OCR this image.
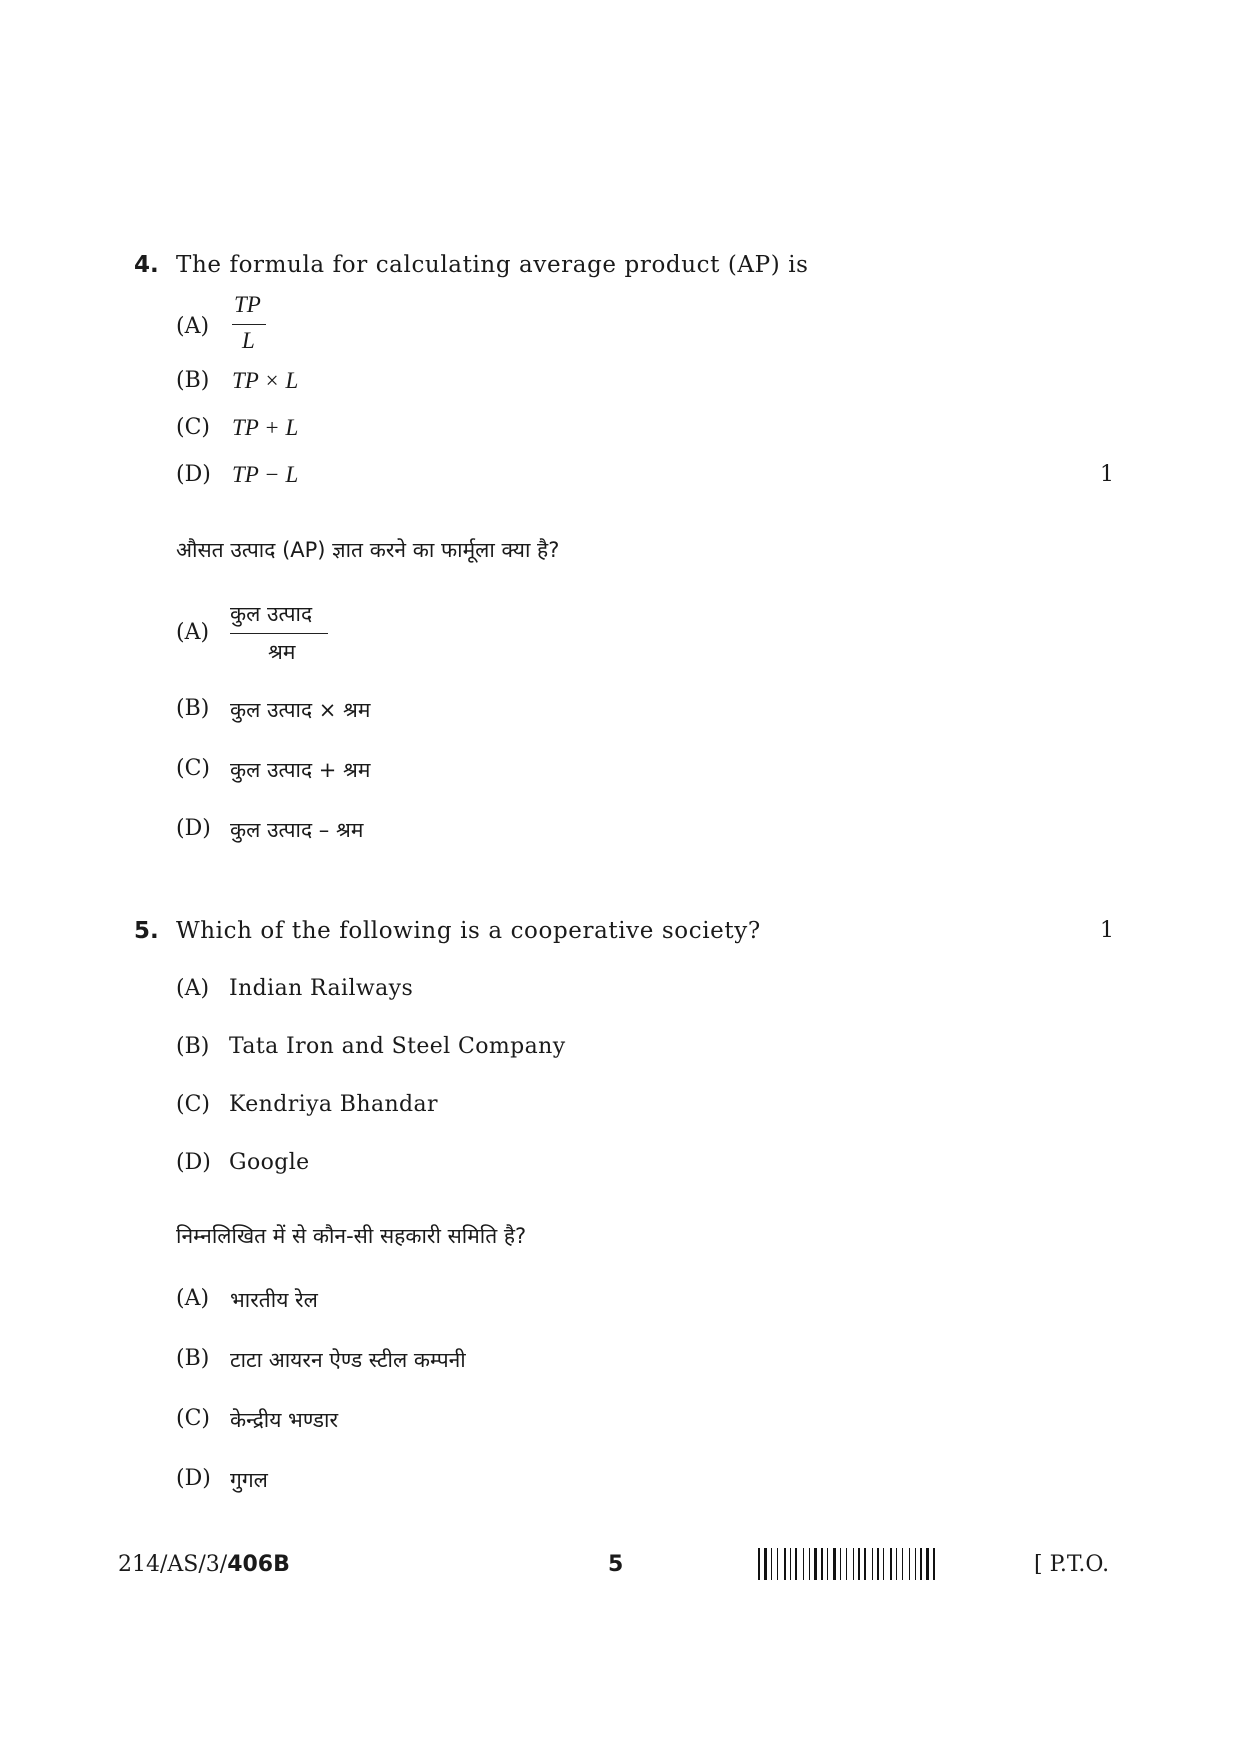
4. The formula for calculating average product (AP) is
(A)
TP
L
(B) TP × L
(C) TP + L
(D) TP − L	1
औसत उत्पाद (AP) ज्ञात करने का फार्मूला क्या है?
(A)
कुल उत्पाद
श्रम
(B) कुल उत्पाद × श्रम
(C) कुल उत्पाद + श्रम
(D) कुल उत्पाद – श्रम
5. Which of the following is a cooperative society?	1
(A) Indian Railways
(B) Tata Iron and Steel Company
(C) Kendriya Bhandar
(D) Google
निम्नलिखित में से कौन-सी सहकारी समिति है?
(A) भारतीय रेल
(B) टाटा आयरन ऐण्ड स्टील कम्पनी
(C) केन्द्रीय भण्डार
(D) गुगल
214/AS/3/406B	5	[ P.T.O.
